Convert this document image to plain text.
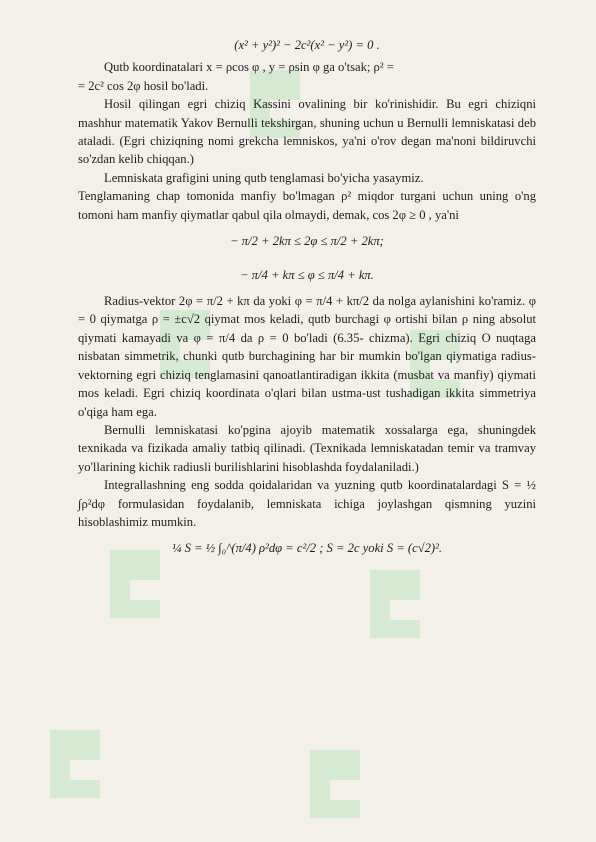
(x² + y²)² − 2c²(x² − y²) = 0 .

Qutb koordinatalari x = ρcos φ , y = ρsin φ ga o'tsak; ρ² =

= 2c² cos 2φ hosil bo'ladi.

Hosil qilingan egri chiziq Kassini ovalining bir ko'rinishidir. Bu egri chiziqni mashhur matematik Yakov Bernulli tekshirgan, shuning uchun u Bernulli lemniskatasi deb ataladi. (Egri chiziqning nomi grekcha lemniskos, ya'ni o'rov degan ma'noni bildiruvchi so'zdan kelib chiqqan.)

Lemniskata grafigini uning qutb tenglamasi bo'yicha yasaymiz.

Tenglamaning chap tomonida manfiy bo'lmagan ρ² miqdor turgani uchun uning o'ng tomoni ham manfiy qiymatlar qabul qila olmaydi, demak, cos 2φ ≥ 0 , ya'ni

− π/2 + 2kπ ≤ 2φ ≤ π/2 + 2kπ;

− π/4 + kπ ≤ φ ≤ π/4 + kπ.

Radius-vektor 2φ = π/2 + kπ da yoki φ = π/4 + kπ/2 da nolga aylanishini ko'ramiz. φ = 0 qiymatga ρ = ±c√2 qiymat mos keladi, qutb burchagi φ ortishi bilan ρ ning absolut qiymati kamayadi va φ = π/4 da ρ = 0 bo'ladi (6.35- chizma). Egri chiziq O nuqtaga nisbatan simmetrik, chunki qutb burchagining har bir mumkin bo'lgan qiymatiga radius-vektorning egri chiziq tenglamasini qanoatlantiradigan ikkita (musbat va manfiy) qiymati mos keladi. Egri chiziq koordinata o'qlari bilan ustma-ust tushadigan ikkita simmetriya o'qiga ham ega.

Bernulli lemniskatasi ko'pgina ajoyib matematik xossalarga ega, shuningdek texnikada va fizikada amaliy tatbiq qilinadi. (Texnikada lemniskatadan temir va tramvay yo'llarining kichik radiusli burilishlarini hisoblashda foydalaniladi.)

Integrallashning eng sodda qoidalaridan va yuzning qutb koordinatalardagi S = ½ ∫ρ²dφ formulasidan foydalanib, lemniskata ichiga joylashgan qismning yuzini hisoblashimiz mumkin.

¼ S = ½ ∫₀^(π/4) ρ²dφ = c²/2 ; S = 2c yoki S = (c√2)².
